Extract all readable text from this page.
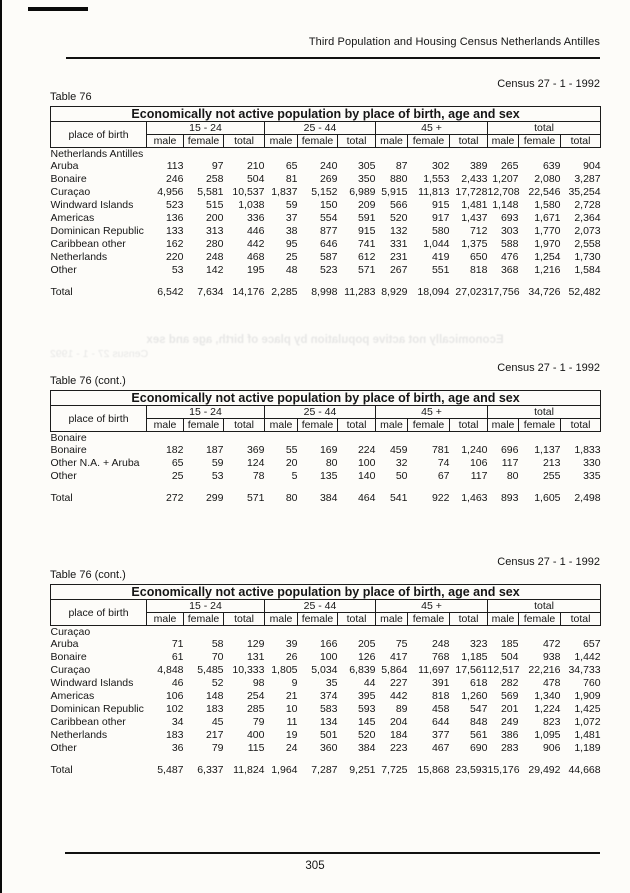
Third Population and Housing Census Netherlands Antilles
Census 27 - 1 - 1992
Table 76
Economically not active population by place of birth, age and sex												
place of birth	15 - 24			25 - 44			45 +			total		
	male	female	total	male	female	total	male	female	total	male	female	total
Netherlands Antilles												
Aruba	113	97	210	65	240	305	87	302	389	265	639	904
Bonaire	246	258	504	81	269	350	880	1,553	2,433	1,207	2,080	3,287
Curaçao	4,956	5,581	10,537	1,837	5,152	6,989	5,915	11,813	17,728	12,708	22,546	35,254
Windward Islands	523	515	1,038	59	150	209	566	915	1,481	1,148	1,580	2,728
Americas	136	200	336	37	554	591	520	917	1,437	693	1,671	2,364
Dominican Republic	133	313	446	38	877	915	132	580	712	303	1,770	2,073
Caribbean other	162	280	442	95	646	741	331	1,044	1,375	588	1,970	2,558
Netherlands	220	248	468	25	587	612	231	419	650	476	1,254	1,730
Other	53	142	195	48	523	571	267	551	818	368	1,216	1,584

Total	6,542	7,634	14,176	2,285	8,998	11,283	8,929	18,094	27,023	17,756	34,726	52,482
Economically not active population by place of birth, age and sex
Census 27 - 1 - 1992
Census 27 - 1 - 1992
Table 76 (cont.)
Economically not active population by place of birth, age and sex												
place of birth	15 - 24			25 - 44			45 +			total		
	male	female	total	male	female	total	male	female	total	male	female	total
Bonaire												
Bonaire	182	187	369	55	169	224	459	781	1,240	696	1,137	1,833
Other N.A. + Aruba	65	59	124	20	80	100	32	74	106	117	213	330
Other	25	53	78	5	135	140	50	67	117	80	255	335

Total	272	299	571	80	384	464	541	922	1,463	893	1,605	2,498
Census 27 - 1 - 1992
Table 76 (cont.)
Economically not active population by place of birth, age and sex												
place of birth	15 - 24			25 - 44			45 +			total		
	male	female	total	male	female	total	male	female	total	male	female	total
Curaçao												
Aruba	71	58	129	39	166	205	75	248	323	185	472	657
Bonaire	61	70	131	26	100	126	417	768	1,185	504	938	1,442
Curaçao	4,848	5,485	10,333	1,805	5,034	6,839	5,864	11,697	17,561	12,517	22,216	34,733
Windward Islands	46	52	98	9	35	44	227	391	618	282	478	760
Americas	106	148	254	21	374	395	442	818	1,260	569	1,340	1,909
Dominican Republic	102	183	285	10	583	593	89	458	547	201	1,224	1,425
Caribbean other	34	45	79	11	134	145	204	644	848	249	823	1,072
Netherlands	183	217	400	19	501	520	184	377	561	386	1,095	1,481
Other	36	79	115	24	360	384	223	467	690	283	906	1,189

Total	5,487	6,337	11,824	1,964	7,287	9,251	7,725	15,868	23,593	15,176	29,492	44,668
305
